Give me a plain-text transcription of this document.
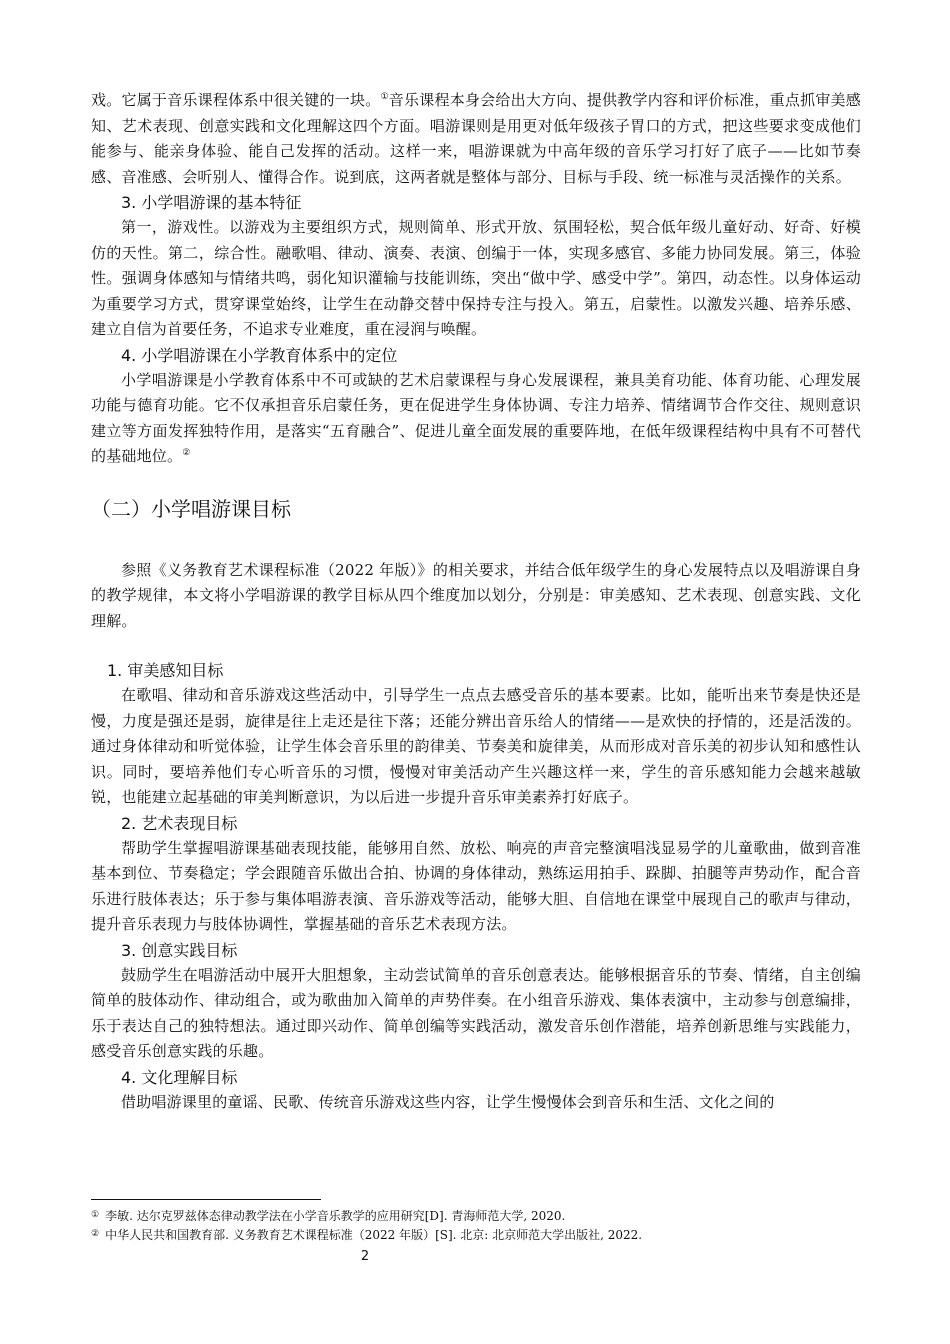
戏。它属于音乐课程体系中很关键的一块。①音乐课程本身会给出大方向、提供教学内容和评价标准，重点抓审美感知、艺术表现、创意实践和文化理解这四个方面。唱游课则是用更对低年级孩子胃口的方式，把这些要求变成他们能参与、能亲身体验、能自己发挥的活动。这样一来，唱游课就为中高年级的音乐学习打好了底子——比如节奏感、音准感、会听别人、懂得合作。说到底，这两者就是整体与部分、目标与手段、统一标准与灵活操作的关系。

3. 小学唱游课的基本特征

第一，游戏性。以游戏为主要组织方式，规则简单、形式开放、氛围轻松，契合低年级儿童好动、好奇、好模仿的天性。第二，综合性。融歌唱、律动、演奏、表演、创编于一体，实现多感官、多能力协同发展。第三，体验性。强调身体感知与情绪共鸣，弱化知识灌输与技能训练，突出“做中学、感受中学”。第四，动态性。以身体运动为重要学习方式，贯穿课堂始终，让学生在动静交替中保持专注与投入。第五，启蒙性。以激发兴趣、培养乐感、建立自信为首要任务，不追求专业难度，重在浸润与唤醒。

4. 小学唱游课在小学教育体系中的定位

小学唱游课是小学教育体系中不可或缺的艺术启蒙课程与身心发展课程，兼具美育功能、体育功能、心理发展功能与德育功能。它不仅承担音乐启蒙任务，更在促进学生身体协调、专注力培养、情绪调节合作交往、规则意识建立等方面发挥独特作用，是落实“五育融合”、促进儿童全面发展的重要阵地，在低年级课程结构中具有不可替代的基础地位。②

（二）小学唱游课目标

参照《义务教育艺术课程标准（2022 年版）》的相关要求，并结合低年级学生的身心发展特点以及唱游课自身的教学规律，本文将小学唱游课的教学目标从四个维度加以划分，分别是：审美感知、艺术表现、创意实践、文化理解。

1. 审美感知目标

在歌唱、律动和音乐游戏这些活动中，引导学生一点点去感受音乐的基本要素。比如，能听出来节奏是快还是慢，力度是强还是弱，旋律是往上走还是往下落；还能分辨出音乐给人的情绪——是欢快的抒情的，还是活泼的。通过身体律动和听觉体验，让学生体会音乐里的韵律美、节奏美和旋律美，从而形成对音乐美的初步认知和感性认识。同时，要培养他们专心听音乐的习惯，慢慢对审美活动产生兴趣这样一来，学生的音乐感知能力会越来越敏锐，也能建立起基础的审美判断意识，为以后进一步提升音乐审美素养打好底子。

2. 艺术表现目标

帮助学生掌握唱游课基础表现技能，能够用自然、放松、响亮的声音完整演唱浅显易学的儿童歌曲，做到音准基本到位、节奏稳定；学会跟随音乐做出合拍、协调的身体律动，熟练运用拍手、跺脚、拍腿等声势动作，配合音乐进行肢体表达；乐于参与集体唱游表演、音乐游戏等活动，能够大胆、自信地在课堂中展现自己的歌声与律动，提升音乐表现力与肢体协调性，掌握基础的音乐艺术表现方法。

3. 创意实践目标

鼓励学生在唱游活动中展开大胆想象，主动尝试简单的音乐创意表达。能够根据音乐的节奏、情绪，自主创编简单的肢体动作、律动组合，或为歌曲加入简单的声势伴奏。在小组音乐游戏、集体表演中，主动参与创意编排，乐于表达自己的独特想法。通过即兴动作、简单创编等实践活动，激发音乐创作潜能，培养创新思维与实践能力，感受音乐创意实践的乐趣。

4. 文化理解目标

借助唱游课里的童谣、民歌、传统音乐游戏这些内容，让学生慢慢体会到音乐和生活、文化之间的

① 李敏. 达尔克罗兹体态律动教学法在小学音乐教学的应用研究[D]. 青海师范大学, 2020.
② 中华人民共和国教育部. 义务教育艺术课程标准（2022 年版）[S]. 北京: 北京师范大学出版社, 2022.
2
